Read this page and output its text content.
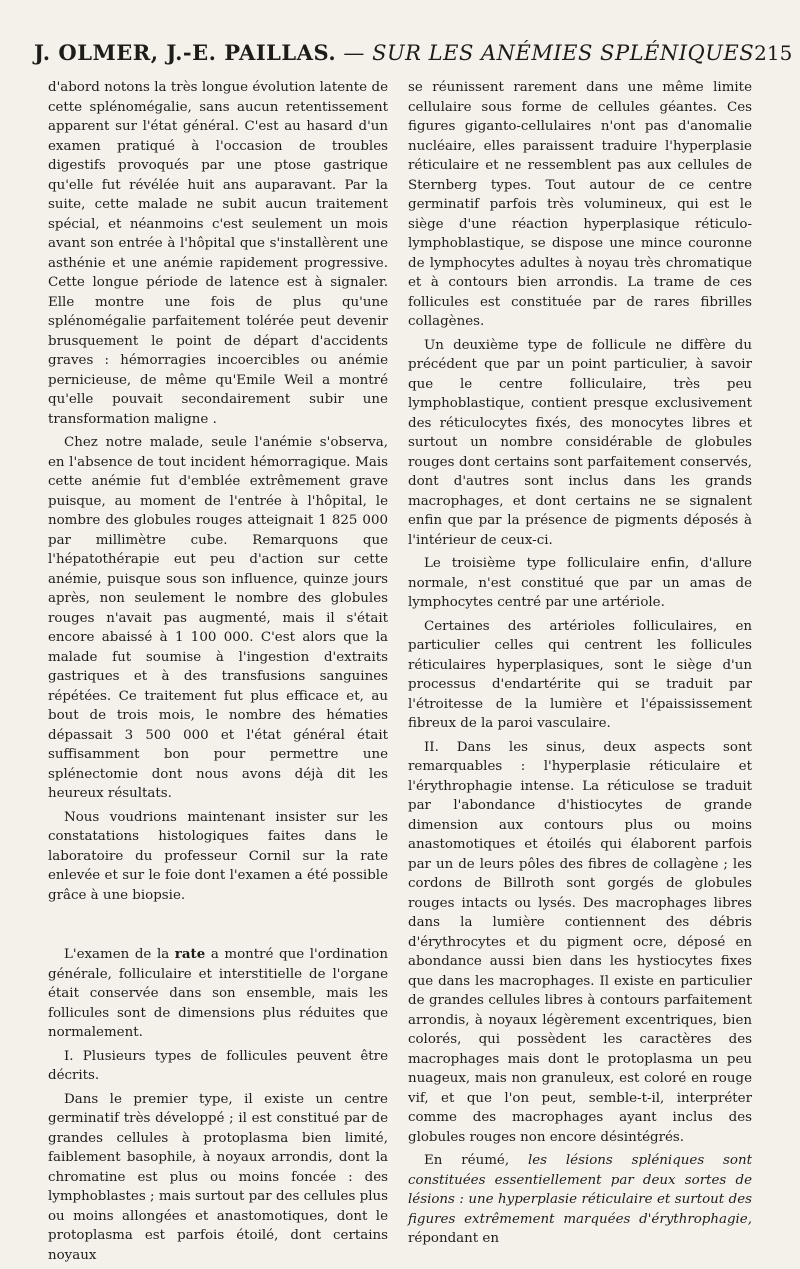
J. OLMER, J.-E. PAILLAS. — SUR LES ANÉMIES SPLÉNIQUES 215

d'abord notons la très longue évolution latente de cette splénomégalie, sans aucun retentissement apparent sur l'état général. C'est au hasard d'un examen pratiqué à l'occasion de troubles digestifs provoqués par une ptose gastrique qu'elle fut révélée huit ans auparavant. Par la suite, cette malade ne subit aucun traitement spécial, et néanmoins c'est seulement un mois avant son entrée à l'hôpital que s'installèrent une asthénie et une anémie rapidement progressive. Cette longue période de latence est à signaler. Elle montre une fois de plus qu'une splénomégalie parfaitement tolérée peut devenir brusquement le point de départ d'accidents graves : hémorragies incoercibles ou anémie pernicieuse, de même qu'Emile Weil a montré qu'elle pouvait secondairement subir une transformation maligne .

Chez notre malade, seule l'anémie s'observa, en l'absence de tout incident hémorragique. Mais cette anémie fut d'emblée extrêmement grave puisque, au moment de l'entrée à l'hôpital, le nombre des globules rouges atteignait 1 825 000 par millimètre cube. Remarquons que l'hépatothérapie eut peu d'action sur cette anémie, puisque sous son influence, quinze jours après, non seulement le nombre des globules rouges n'avait pas augmenté, mais il s'était encore abaissé à 1 100 000. C'est alors que la malade fut soumise à l'ingestion d'extraits gastriques et à des transfusions sanguines répétées. Ce traitement fut plus efficace et, au bout de trois mois, le nombre des hématies dépassait 3 500 000 et l'état général était suffisamment bon pour permettre une splénectomie dont nous avons déjà dit les heureux résultats.

Nous voudrions maintenant insister sur les constatations histologiques faites dans le laboratoire du professeur Cornil sur la rate enlevée et sur le foie dont l'examen a été possible grâce à une biopsie.

L'examen de la rate a montré que l'ordination générale, folliculaire et interstitielle de l'organe était conservée dans son ensemble, mais les follicules sont de dimensions plus réduites que normalement.

I. Plusieurs types de follicules peuvent être décrits.

Dans le premier type, il existe un centre germinatif très développé ; il est constitué par de grandes cellules à protoplasma bien limité, faiblement basophile, à noyaux arrondis, dont la chromatine est plus ou moins foncée : des lymphoblastes ; mais surtout par des cellules plus ou moins allongées et anastomotiques, dont le protoplasma est parfois étoilé, dont certains noyaux

se réunissent rarement dans une même limite cellulaire sous forme de cellules géantes. Ces figures giganto-cellulaires n'ont pas d'anomalie nucléaire, elles paraissent traduire l'hyperplasie réticulaire et ne ressemblent pas aux cellules de Sternberg types. Tout autour de ce centre germinatif parfois très volumineux, qui est le siège d'une réaction hyperplasique réticulo-lymphoblastique, se dispose une mince couronne de lymphocytes adultes à noyau très chromatique et à contours bien arrondis. La trame de ces follicules est constituée par de rares fibrilles collagènes.

Un deuxième type de follicule ne diffère du précédent que par un point particulier, à savoir que le centre folliculaire, très peu lymphoblastique, contient presque exclusivement des réticulocytes fixés, des monocytes libres et surtout un nombre considérable de globules rouges dont certains sont parfaitement conservés, dont d'autres sont inclus dans les grands macrophages, et dont certains ne se signalent enfin que par la présence de pigments déposés à l'intérieur de ceux-ci.

Le troisième type folliculaire enfin, d'allure normale, n'est constitué que par un amas de lymphocytes centré par une artériole.

Certaines des artérioles folliculaires, en particulier celles qui centrent les follicules réticulaires hyperplasiques, sont le siège d'un processus d'endartérite qui se traduit par l'étroitesse de la lumière et l'épaississement fibreux de la paroi vasculaire.

II. Dans les sinus, deux aspects sont remarquables : l'hyperplasie réticulaire et l'érythrophagie intense. La réticulose se traduit par l'abondance d'histiocytes de grande dimension aux contours plus ou moins anastomotiques et étoilés qui élaborent parfois par un de leurs pôles des fibres de collagène ; les cordons de Billroth sont gorgés de globules rouges intacts ou lysés. Des macrophages libres dans la lumière contiennent des débris d'érythrocytes et du pigment ocre, déposé en abondance aussi bien dans les hystiocytes fixes que dans les macrophages. Il existe en particulier de grandes cellules libres à contours parfaitement arrondis, à noyaux légèrement excentriques, bien colorés, qui possèdent les caractères des macrophages mais dont le protoplasma un peu nuageux, mais non granuleux, est coloré en rouge vif, et que l'on peut, semble-t-il, interpréter comme des macrophages ayant inclus des globules rouges non encore désintégrés.

En réumé, les lésions spléniques sont constituées essentiellement par deux sortes de lésions : une hyperplasie réticulaire et surtout des figures extrêmement marquées d'érythrophagie, répondant en
